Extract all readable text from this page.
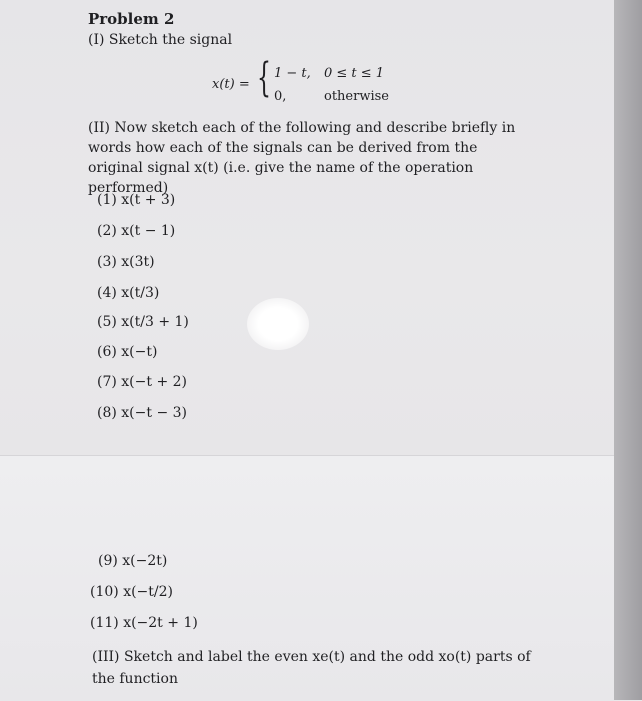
Problem 2
(I) Sketch the signal
x(t) = { 1 − t, 0 ≤ t ≤ 1
0,	otherwise
(II) Now sketch each of the following and describe briefly in words how each of the signals can be derived from the original signal x(t) (i.e. give the name of the operation performed)
(1) x(t + 3)
(2) x(t − 1)
(3) x(3t)
(4) x(t/3)
(5) x(t/3 + 1)
(6) x(−t)
(7) x(−t + 2)
(8) x(−t − 3)
(9) x(−2t)
(10) x(−t/2)
(11) x(−2t + 1)
(III) Sketch and label the even xe(t) and the odd xo(t) parts of the function
